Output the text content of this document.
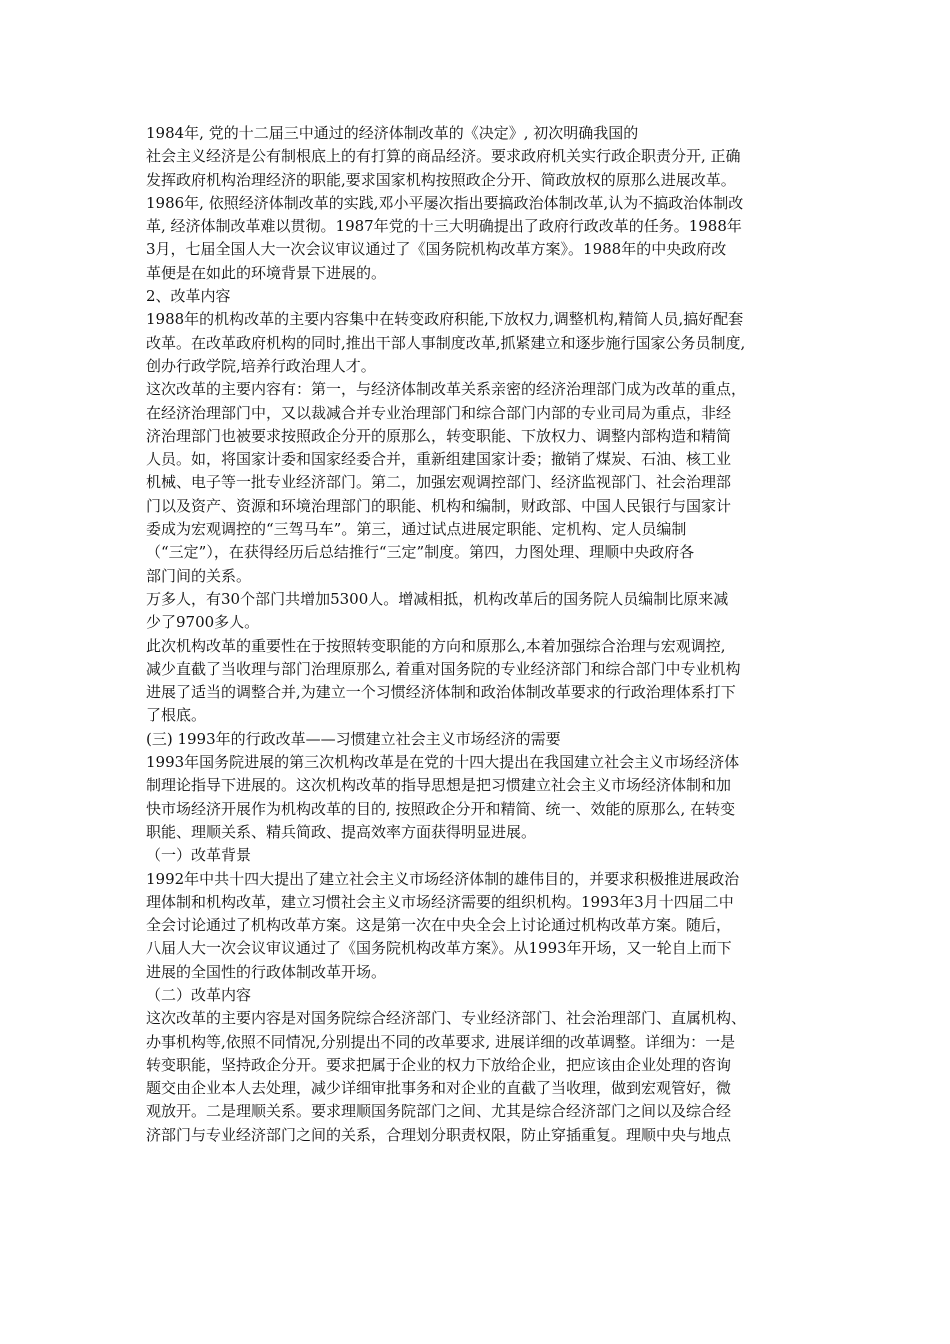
1984年, 党的十二届三中通过的经济体制改革的《决定》, 初次明确我国的
社会主义经济是公有制根底上的有打算的商品经济。要求政府机关实行政企职责分开, 正确
发挥政府机构治理经济的职能,要求国家机构按照政企分开、简政放权的原那么进展改革。
1986年, 依照经济体制改革的实践,邓小平屡次指出要搞政治体制改革,认为不搞政治体制改
革, 经济体制改革难以贯彻。1987年党的十三大明确提出了政府行政改革的任务。1988年
3月，七届全国人大一次会议审议通过了《国务院机构改革方案》。1988年的中央政府改
革便是在如此的环境背景下进展的。
2、改革内容
1988年的机构改革的主要内容集中在转变政府积能,下放权力,调整机构,精简人员,搞好配套
改革。在改革政府机构的同时,推出干部人事制度改革,抓紧建立和逐步施行国家公务员制度,
创办行政学院,培养行政治理人才。
这次改革的主要内容有：第一，与经济体制改革关系亲密的经济治理部门成为改革的重点，
在经济治理部门中，又以裁减合并专业治理部门和综合部门内部的专业司局为重点，非经
济治理部门也被要求按照政企分开的原那么，转变职能、下放权力、调整内部构造和精简
人员。如，将国家计委和国家经委合并，重新组建国家计委；撤销了煤炭、石油、核工业
机械、电子等一批专业经济部门。第二，加强宏观调控部门、经济监视部门、社会治理部
门以及资产、资源和环境治理部门的职能、机构和编制，财政部、中国人民银行与国家计
委成为宏观调控的“三驾马车”。第三，通过试点进展定职能、定机构、定人员编制
（“三定”），在获得经历后总结推行“三定”制度。第四，力图处理、理顺中央政府各
部门间的关系。
万多人，有30个部门共增加5300人。增减相抵，机构改革后的国务院人员编制比原来减
少了9700多人。
此次机构改革的重要性在于按照转变职能的方向和原那么,本着加强综合治理与宏观调控,
减少直截了当收理与部门治理原那么, 着重对国务院的专业经济部门和综合部门中专业机构
进展了适当的调整合并,为建立一个习惯经济体制和政治体制改革要求的行政治理体系打下
了根底。
(三) 1993年的行政改革——习惯建立社会主义市场经济的需要
1993年国务院进展的第三次机构改革是在党的十四大提出在我国建立社会主义市场经济体
制理论指导下进展的。这次机构改革的指导思想是把习惯建立社会主义市场经济体制和加
快市场经济开展作为机构改革的目的, 按照政企分开和精简、统一、效能的原那么, 在转变
职能、理顺关系、精兵简政、提高效率方面获得明显进展。
（一）改革背景
1992年中共十四大提出了建立社会主义市场经济体制的雄伟目的，并要求积极推进展政治
理体制和机构改革，建立习惯社会主义市场经济需要的组织机构。1993年3月十四届二中
全会讨论通过了机构改革方案。这是第一次在中央全会上讨论通过机构改革方案。随后，
八届人大一次会议审议通过了《国务院机构改革方案》。从1993年开场，又一轮自上而下
进展的全国性的行政体制改革开场。
（二）改革内容
这次改革的主要内容是对国务院综合经济部门、专业经济部门、社会治理部门、直属机构、
办事机构等,依照不同情况,分别提出不同的改革要求, 进展详细的改革调整。详细为：一是
转变职能，坚持政企分开。要求把属于企业的权力下放给企业，把应该由企业处理的咨询
题交由企业本人去处理，减少详细审批事务和对企业的直截了当收理，做到宏观管好，微
观放开。二是理顺关系。要求理顺国务院部门之间、尤其是综合经济部门之间以及综合经
济部门与专业经济部门之间的关系，合理划分职责权限，防止穿插重复。理顺中央与地点
